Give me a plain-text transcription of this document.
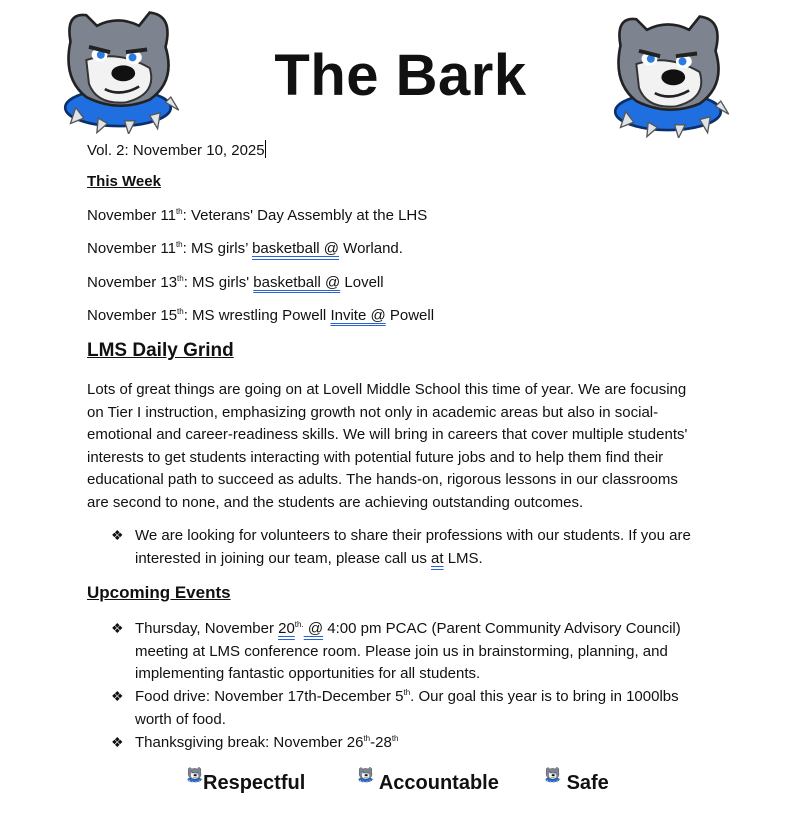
The Bark
Vol. 2: November 10, 2025
This Week
November 11th: Veterans' Day Assembly at the LHS
November 11th: MS girls’ basketball @ Worland.
November 13th: MS girls' basketball @ Lovell
November 15th: MS wrestling Powell Invite @ Powell
LMS Daily Grind
Lots of great things are going on at Lovell Middle School this time of year. We are focusing
on Tier I instruction, emphasizing growth not only in academic areas but also in social-
emotional and career-readiness skills. We will bring in careers that cover multiple students'
interests to get students interacting with potential future jobs and to help them find their
educational path to succeed as adults. The hands-on, rigorous lessons in our classrooms
are second to none, and the students are achieving outstanding outcomes.
❖ We are looking for volunteers to share their professions with our students. If you are
interested in joining our team, please call us at LMS.
Upcoming Events
❖ Thursday, November $20^{th.}$ @ 4:00 pm PCAC (Parent Community Advisory Council)
meeting at LMS conference room. Please join us in brainstorming, planning, and
implementing fantastic opportunities for all students.
❖ Food drive: November 17th-December 5th. Our goal this year is to bring in 1000lbs
worth of food.
❖ Thanksgiving break: November 26th-28th
Respectful	Accountable	Safe
